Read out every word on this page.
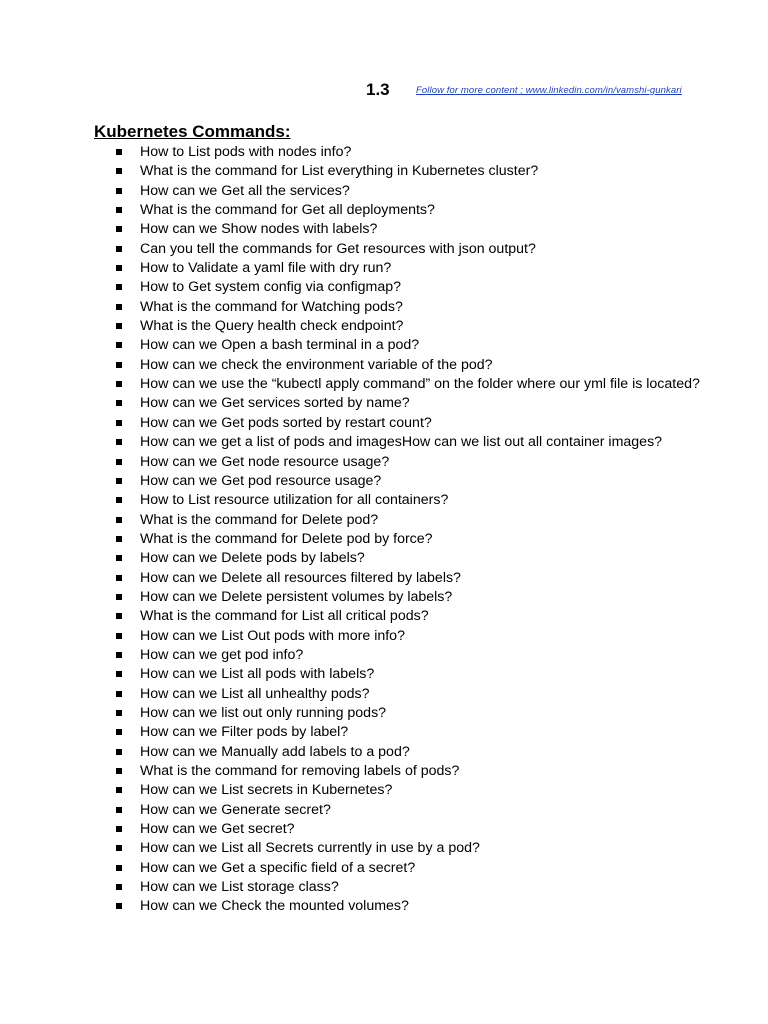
1.3	Follow for more content ; www.linkedin.com/in/vamshi-gunkari
Kubernetes Commands:
How to List pods with nodes info?
What is the command for List everything in Kubernetes cluster?
How can we Get all the services?
What is the command for Get all deployments?
How can we Show nodes with labels?
Can you tell the commands for Get resources with json output?
How to Validate a yaml file with dry run?
How to Get system config via configmap?
What is the command for Watching pods?
What is the Query health check endpoint?
How can we Open a bash terminal in a pod?
How can we check the environment variable of the pod?
How can we use the “kubectl apply command” on the folder where our yml file is located?
How can we Get services sorted by name?
How can we Get pods sorted by restart count?
How can we get a list of pods and imagesHow can we list out all container images?
How can we Get node resource usage?
How can we Get pod resource usage?
How to List resource utilization for all containers?
What is the command for Delete pod?
What is the command for Delete pod by force?
How can we Delete pods by labels?
How can we Delete all resources filtered by labels?
How can we Delete persistent volumes by labels?
What is the command for List all critical pods?
How can we List Out pods with more info?
How can we get pod info?
How can we List all pods with labels?
How can we List all unhealthy pods?
How can we list out only running pods?
How can we Filter pods by label?
How can we Manually add labels to a pod?
What is the command for removing labels of pods?
How can we List secrets in Kubernetes?
How can we Generate secret?
How can we Get secret?
How can we List all Secrets currently in use by a pod?
How can we Get a specific field of a secret?
How can we List storage class?
How can we Check the mounted volumes?
